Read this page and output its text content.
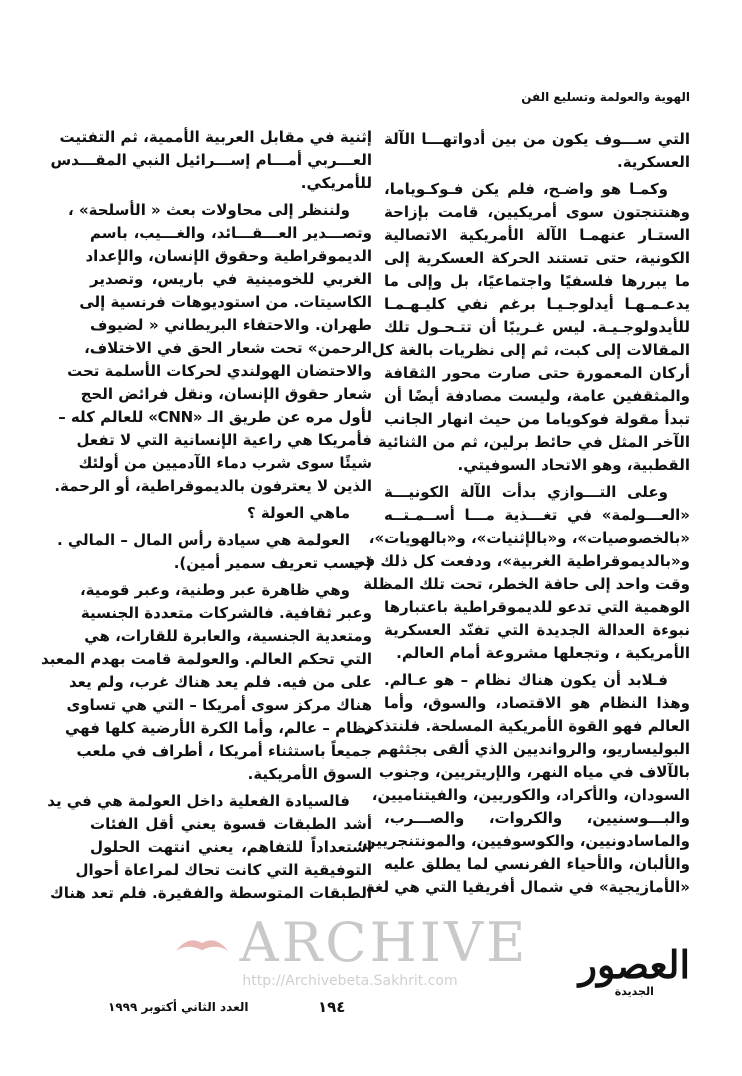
الهوية والعولمة وتسليع الفن
التي ســـوف يكون من بين أدواتهـــا الآلة
العسكرية.
وكمـا هو واضـح، فلم يكن فـوكـوياما،
وهنتنجتون سوى أمريكيين، قامت بإزاحة
الستـار عنهمـا الآلة الأمريكية الاتصالية
الكونية، حتى تستند الحركة العسكرية إلى
ما يبررها فلسفيًا واجتماعيًا، بل وإلى ما
يدعـمـهـا أيدلوجـيـا برغم نفي كليـهـمـا
للأيدولوجـيـة. ليس غـريبًا أن تتـحـول تلك
المقالات إلى كبت، ثم إلى نظريات بالغة كل
أركان المعمورة حتى صارت محور الثقافة
والمثقفين عامة، وليست مصادفة أيضًا أن
تبدأ مقولة فوكوياما من حيث انهار الجانب
الآخر المثل في حائط برلين، ثم من الثنائية
القطبية، وهو الاتحاد السوفيتي.
وعلى التـــوازي بدأت الآلة الكونيـــة
«العـــولمة» في تغـــذية مـــا أســمـتــه
«بالخصوصيات»، و«بالإثنيات»، و«بالهويات»،
و«بالديموقراطية الغربية»، ودفعت كل ذلك في
وقت واحد إلى حافة الخطر، تحت تلك المظلة
الوهمية التي تدعو للديموقراطية باعتبارها
نبوءة العدالة الجديدة التي تفنّد العسكرية
الأمريكية ، وتجعلها مشروعة أمام العالم.
فـلابد أن يكون هناك نظام – هو عـالم.
وهذا النظام هو الاقتصاد، والسوق، وأما
العالم فهو القوة الأمريكية المسلحة. فلنتذكر
البوليساريو، والروانديين الذي ألقى بجثثهم
بالآلاف في مياه النهر، والإريتريين، وجنوب
السودان، والأكراد، والكوريين، والفيتناميين،
والبـــوسنيين، والكروات، والصـــرب،
والماسادونيين، والكوسوفيين، والمونتنجريين،
والألبان، والأحياء الفرنسي لما يطلق عليه
«الأمازيجية» في شمال أفريقيا التي هي لغة
إثنية في مقابل العربية الأممية، ثم التفتيت
العـــربي أمـــام إســـرائيل النبي المقـــدس
للأمريكي.
ولننظر إلى محاولات بعث « الأسلحة» ،
وتصـــدير العـــقـــائد، والغـــيب، باسم
الديموقراطية وحقوق الإنسان، والإعداد
الغربي للخومينية في باريس، وتصدير
الكاسيتات. من استوديوهات فرنسية إلى
طهران. والاحتفاء البريطاني « لضيوف
الرحمن» تحت شعار الحق في الاختلاف،
والاحتضان الهولندي لحركات الأسلمة تحت
شعار حقوق الإنسان، ونقل فرائض الحج
لأول مره عن طريق الـ «CNN» للعالم كله –
فأمريكا هي راعية الإنسانية التي لا تفعل
شيئًا سوى شرب دماء الآدميين من أولئك
الذين لا يعترفون بالديموقراطية، أو الرحمة.
ماهي العولة ؟
العولمة هي سيادة رأس المال – المالي .
(حسب تعريف سمير أمين).
وهي ظاهرة عبر وطنية، وعبر قومية،
وعبر ثقافية. فالشركات متعددة الجنسية
ومتعدية الجنسية، والعابرة للقارات، هي
التي تحكم العالم. والعولمة قامت بهدم المعبد
على من فيه. فلم يعد هناك غرب، ولم يعد
هناك مركز سوى أمريكا – التي هي تساوى
نظام – عالم، وأما الكرة الأرضية كلها فهي
جميعاً باستثناء أمريكا ، أطراف في ملعب
السوق الأمريكية.
فالسيادة الفعلية داخل العولمة هي في يد
أشد الطبقات قسوة يعني أقل الفئات
استعداداً للتفاهم، يعني انتهت الحلول
التوفيقية التي كانت تحاك لمراعاة أحوال
الطبقات المتوسطة والفقيرة. فلم تعد هناك
ARCHIVE
http://Archivebeta.Sakhrit.com
١٩٤
العدد الثاني أكتوبر ١٩٩٩
العصور
الجديدة
